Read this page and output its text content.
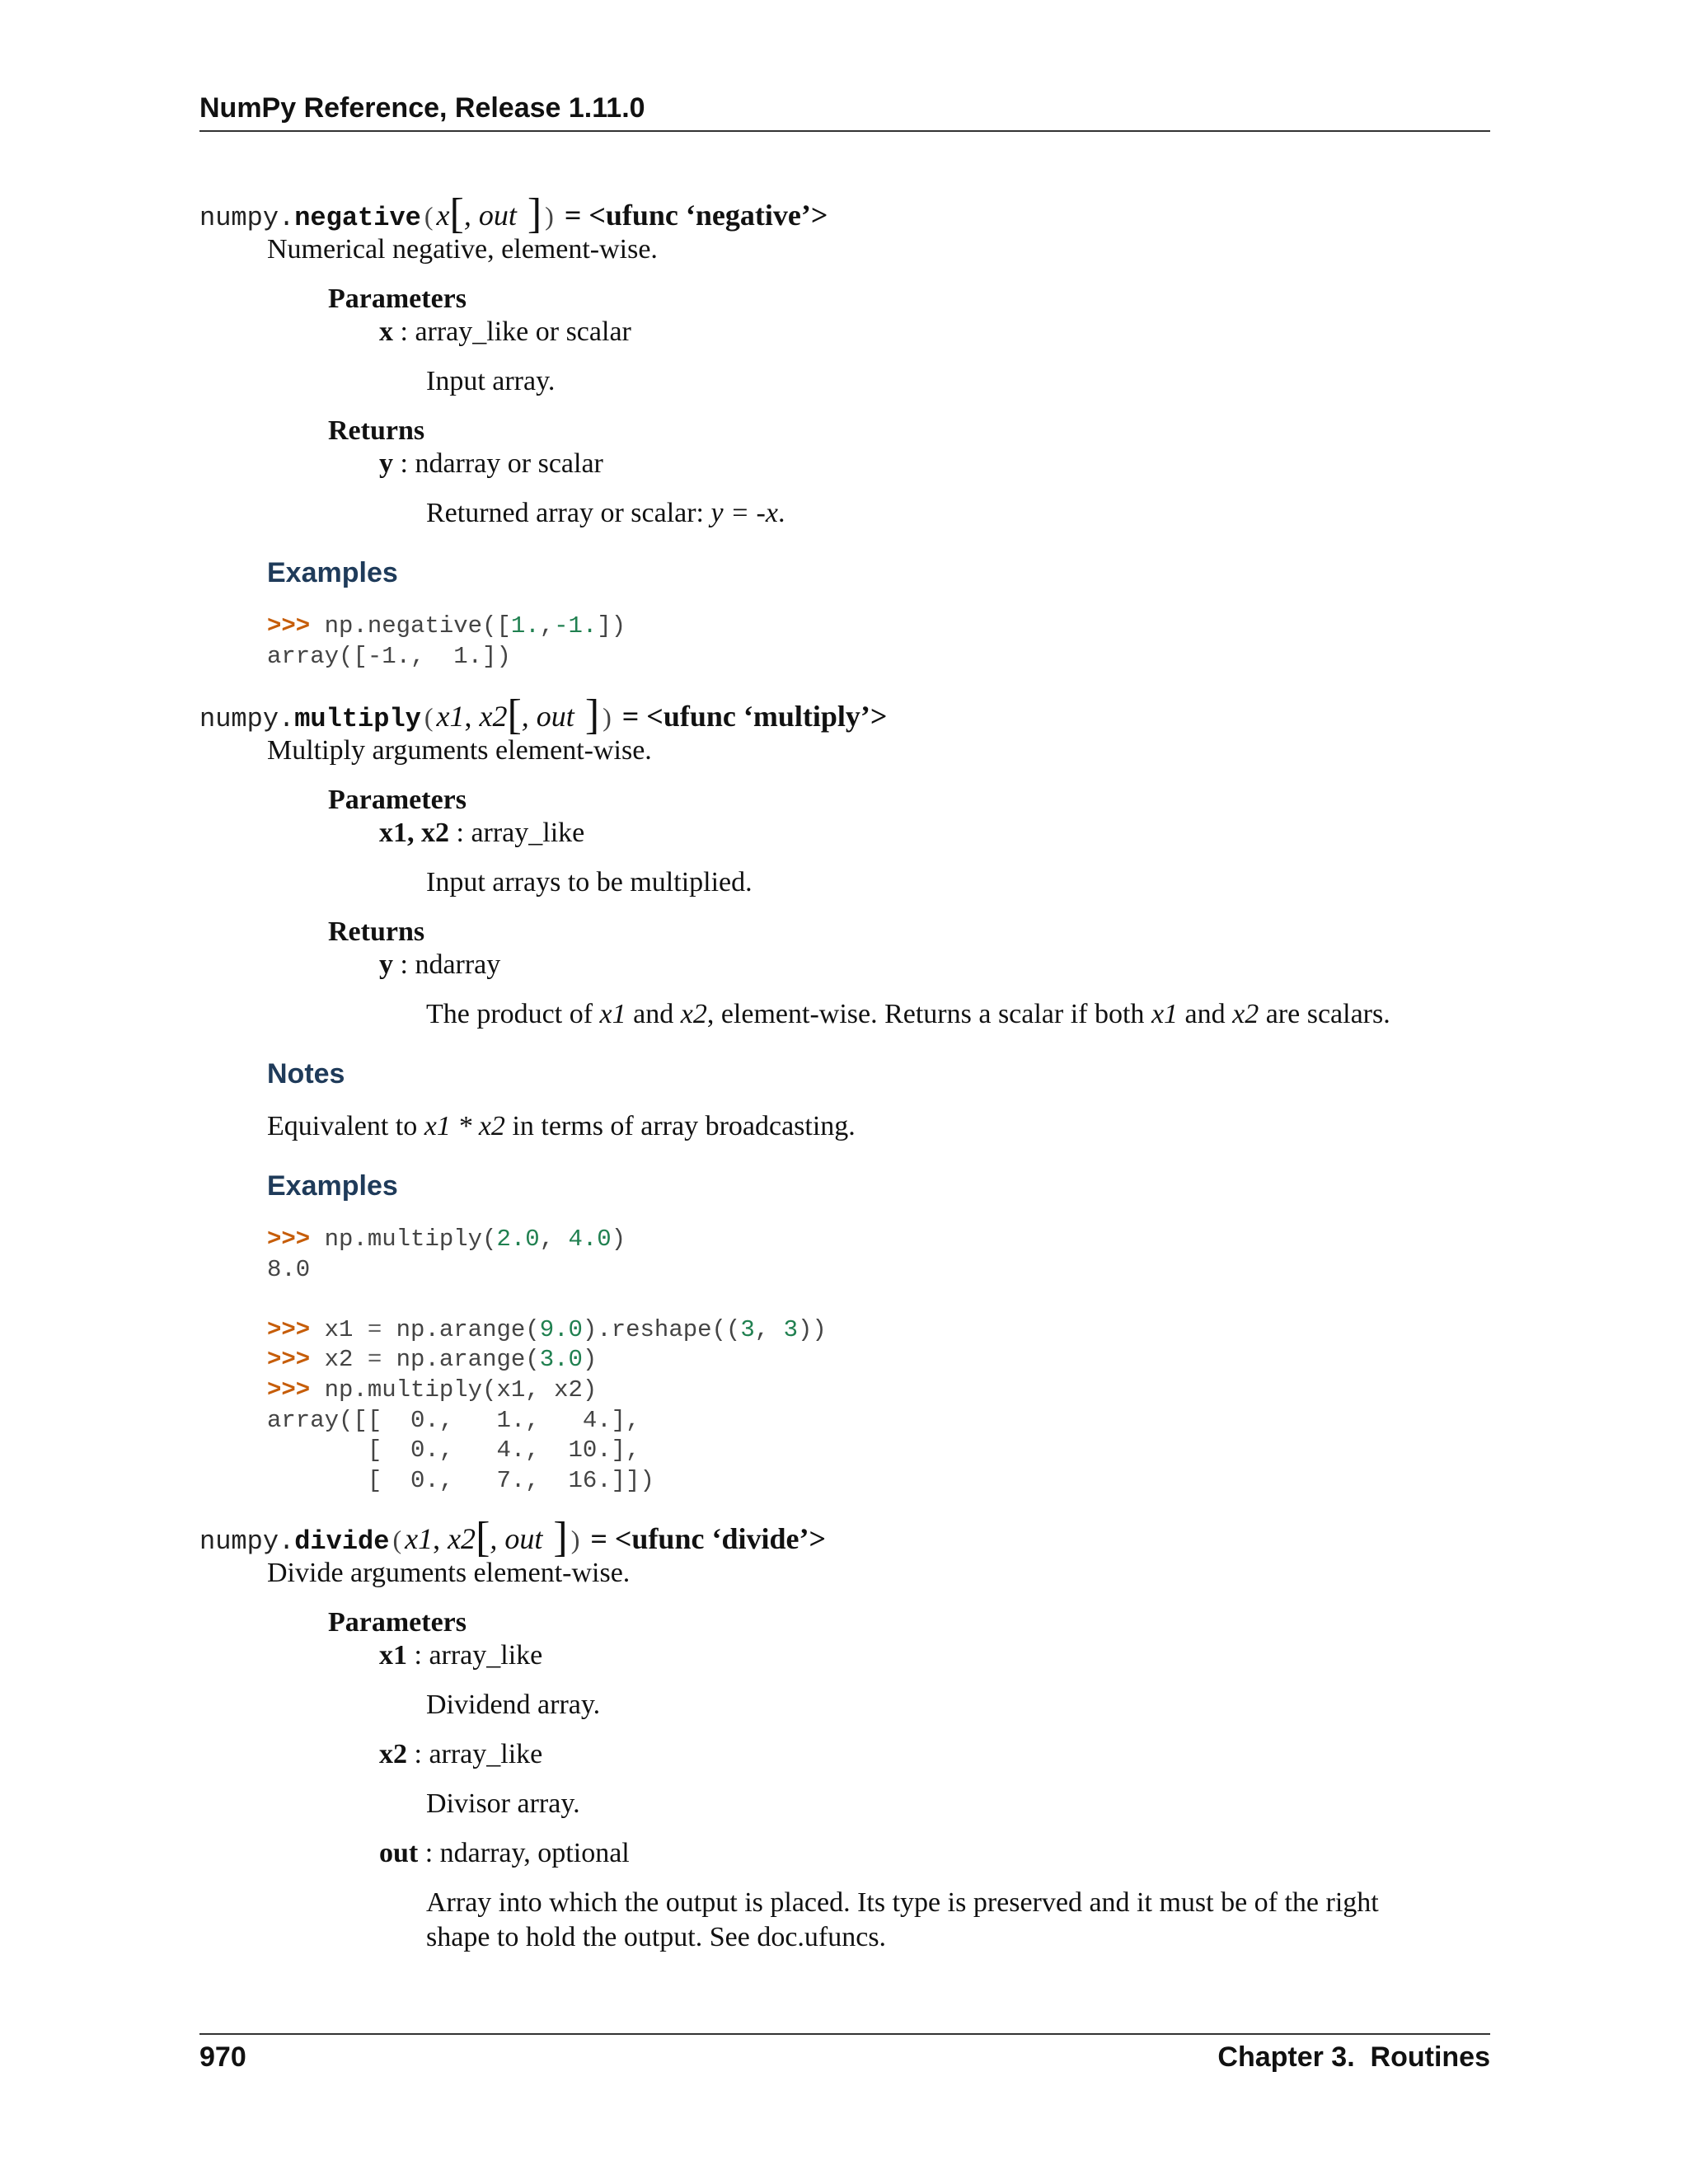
NumPy Reference, Release 1.11.0
numpy.negative ( x[, out ] ) = <ufunc ‘negative’>
Numerical negative, element-wise.
Parameters
x : array_like or scalar
Input array.
Returns
y : ndarray or scalar
Returned array or scalar: y = -x.
Examples
>>> np.negative([1.,-1.])
array([-1.,  1.])
numpy.multiply ( x1, x2[, out ] ) = <ufunc ‘multiply’>
Multiply arguments element-wise.
Parameters
x1, x2 : array_like
Input arrays to be multiplied.
Returns
y : ndarray
The product of x1 and x2, element-wise. Returns a scalar if both x1 and x2 are scalars.
Notes
Equivalent to x1 * x2 in terms of array broadcasting.
Examples
>>> np.multiply(2.0, 4.0)
8.0

>>> x1 = np.arange(9.0).reshape((3, 3))
>>> x2 = np.arange(3.0)
>>> np.multiply(x1, x2)
array([[  0.,   1.,   4.],
[  0.,   4.,  10.],
[  0.,   7.,  16.]])
numpy.divide ( x1, x2[, out ] ) = <ufunc ‘divide’>
Divide arguments element-wise.
Parameters
x1 : array_like
Dividend array.
x2 : array_like
Divisor array.
out : ndarray, optional
Array into which the output is placed. Its type is preserved and it must be of the right
shape to hold the output. See doc.ufuncs.
970	Chapter 3.  Routines
